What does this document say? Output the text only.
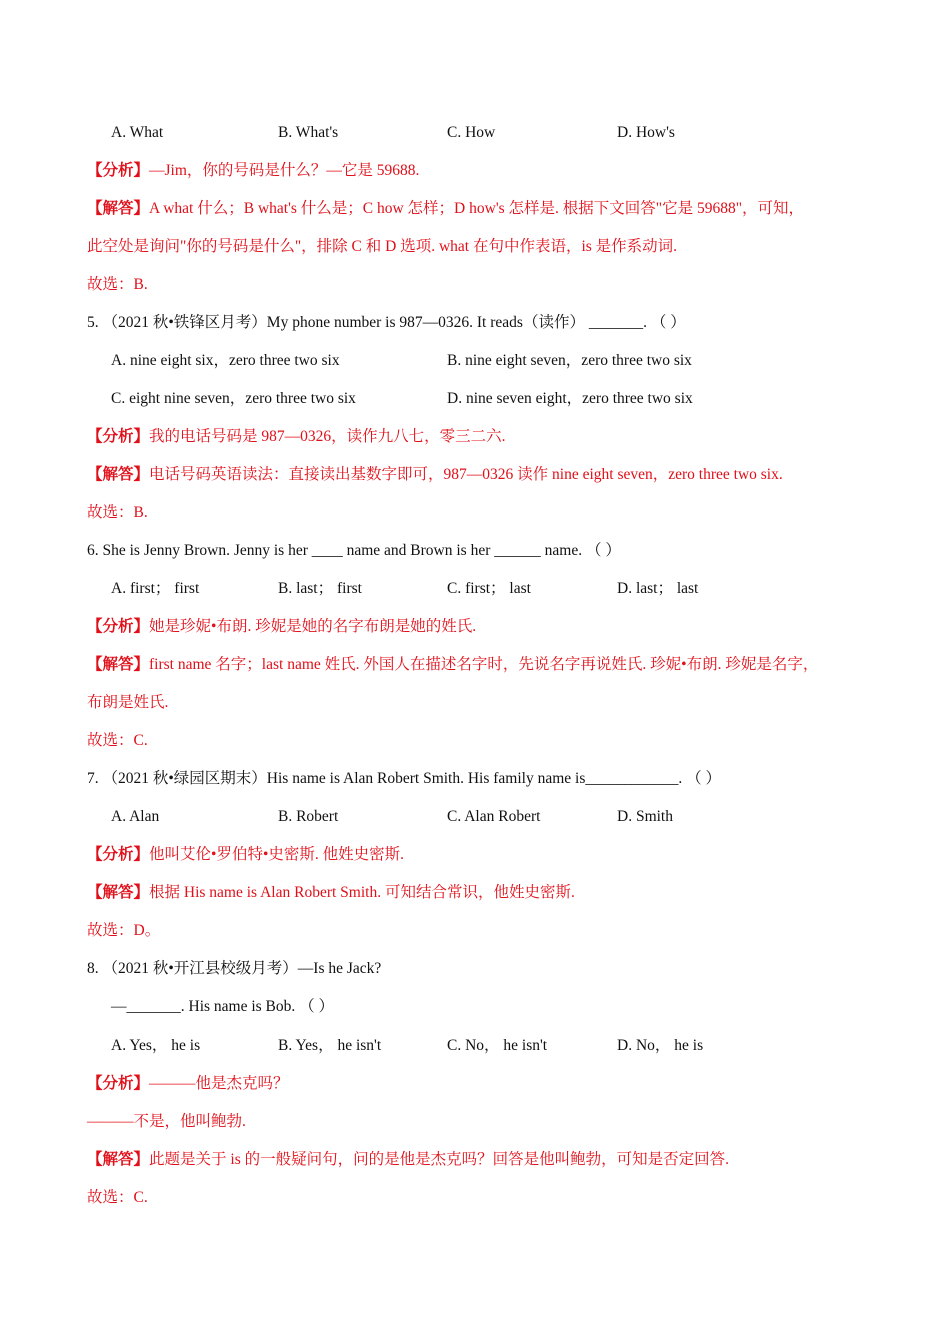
A. What	B. What's	C. How	D. How's
【分析】—Jim，你的号码是什么？—它是 59688.
【解答】A what 什么；B what's 什么是；C how 怎样；D how's 怎样是. 根据下文回答"它是 59688"，可知，
此空处是询问"你的号码是什么"，排除 C 和 D 选项. what 在句中作表语，is 是作系动词.
故选：B.
5. （2021 秋•铁锋区月考）My phone number is 987—0326. It reads（读作） _______. （ ）
A. nine eight six，zero three two six	B. nine eight seven，zero three two six
C. eight nine seven，zero three two six	D. nine seven eight，zero three two six
【分析】我的电话号码是 987—0326，读作九八七，零三二六.
【解答】电话号码英语读法：直接读出基数字即可，987—0326 读作 nine eight seven，zero three two six.
故选：B.
6. She is Jenny Brown. Jenny is her ____ name and Brown is her ______ name. （ ）
A. first； first	B. last； first	C. first； last	D. last； last
【分析】她是珍妮•布朗. 珍妮是她的名字布朗是她的姓氏.
【解答】first name 名字；last name 姓氏. 外国人在描述名字时，先说名字再说姓氏. 珍妮•布朗. 珍妮是名字，
布朗是姓氏.
故选：C.
7. （2021 秋•绿园区期末）His name is Alan Robert Smith. His family name is____________. （ ）
A. Alan	B. Robert	C. Alan Robert	D. Smith
【分析】他叫艾伦•罗伯特•史密斯. 他姓史密斯.
【解答】根据 His name is Alan Robert Smith. 可知结合常识，他姓史密斯.
故选：D。
8. （2021 秋•开江县校级月考）—Is he Jack?
—_______. His name is Bob. （ ）
A. Yes， he is	B. Yes， he isn't	C. No， he isn't	D. No， he is
【分析】———他是杰克吗？
———不是，他叫鲍勃.
【解答】此题是关于 is 的一般疑问句，问的是他是杰克吗？回答是他叫鲍勃，可知是否定回答.
故选：C.
